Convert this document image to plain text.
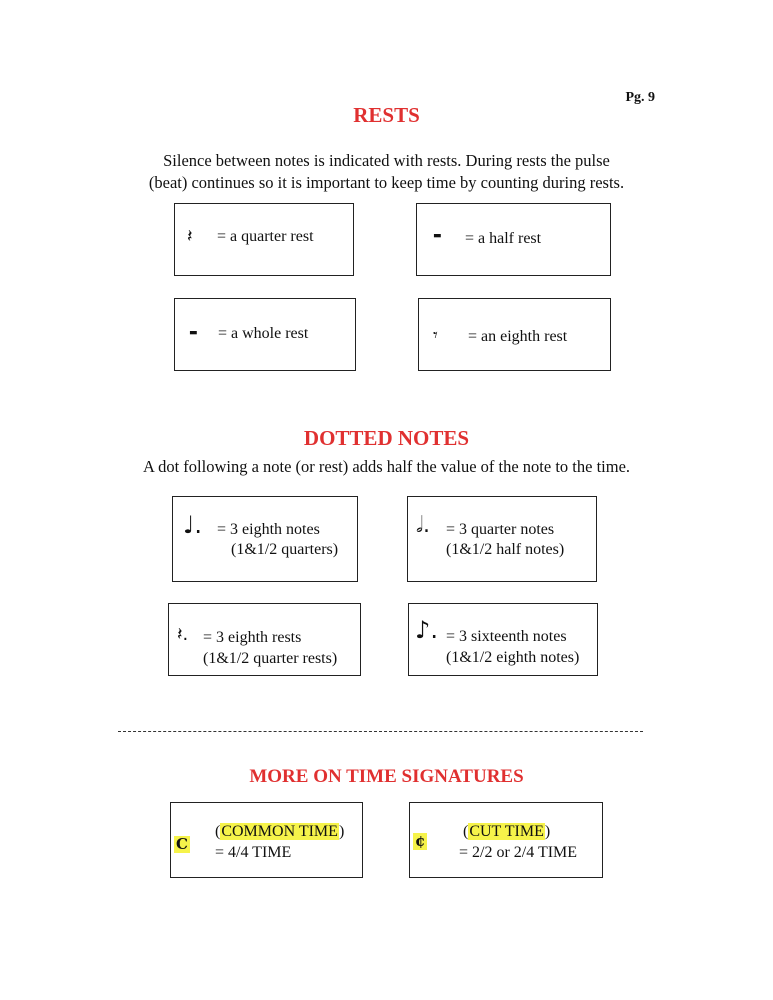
Pg. 9
RESTS
Silence between notes is indicated with rests. During rests the pulse
(beat) continues so it is important to keep time by counting during rests.
𝄽 = a quarter rest	▬ = a half rest
▬ = a whole rest	𝄾 = an eighth rest
DOTTED NOTES
A dot following a note (or rest) adds half the value of the note to the time.
♩. = 3 eighth notes
(1&1/2 quarters)
𝅗𝅥. = 3 quarter notes
(1&1/2 half notes)
𝄽. = 3 eighth rests
(1&1/2 quarter rests)
♪. = 3 sixteenth notes
(1&1/2 eighth notes)
MORE ON TIME SIGNATURES
C
(COMMON TIME)
= 4/4 TIME
¢
(CUT TIME)
= 2/2 or 2/4 TIME
